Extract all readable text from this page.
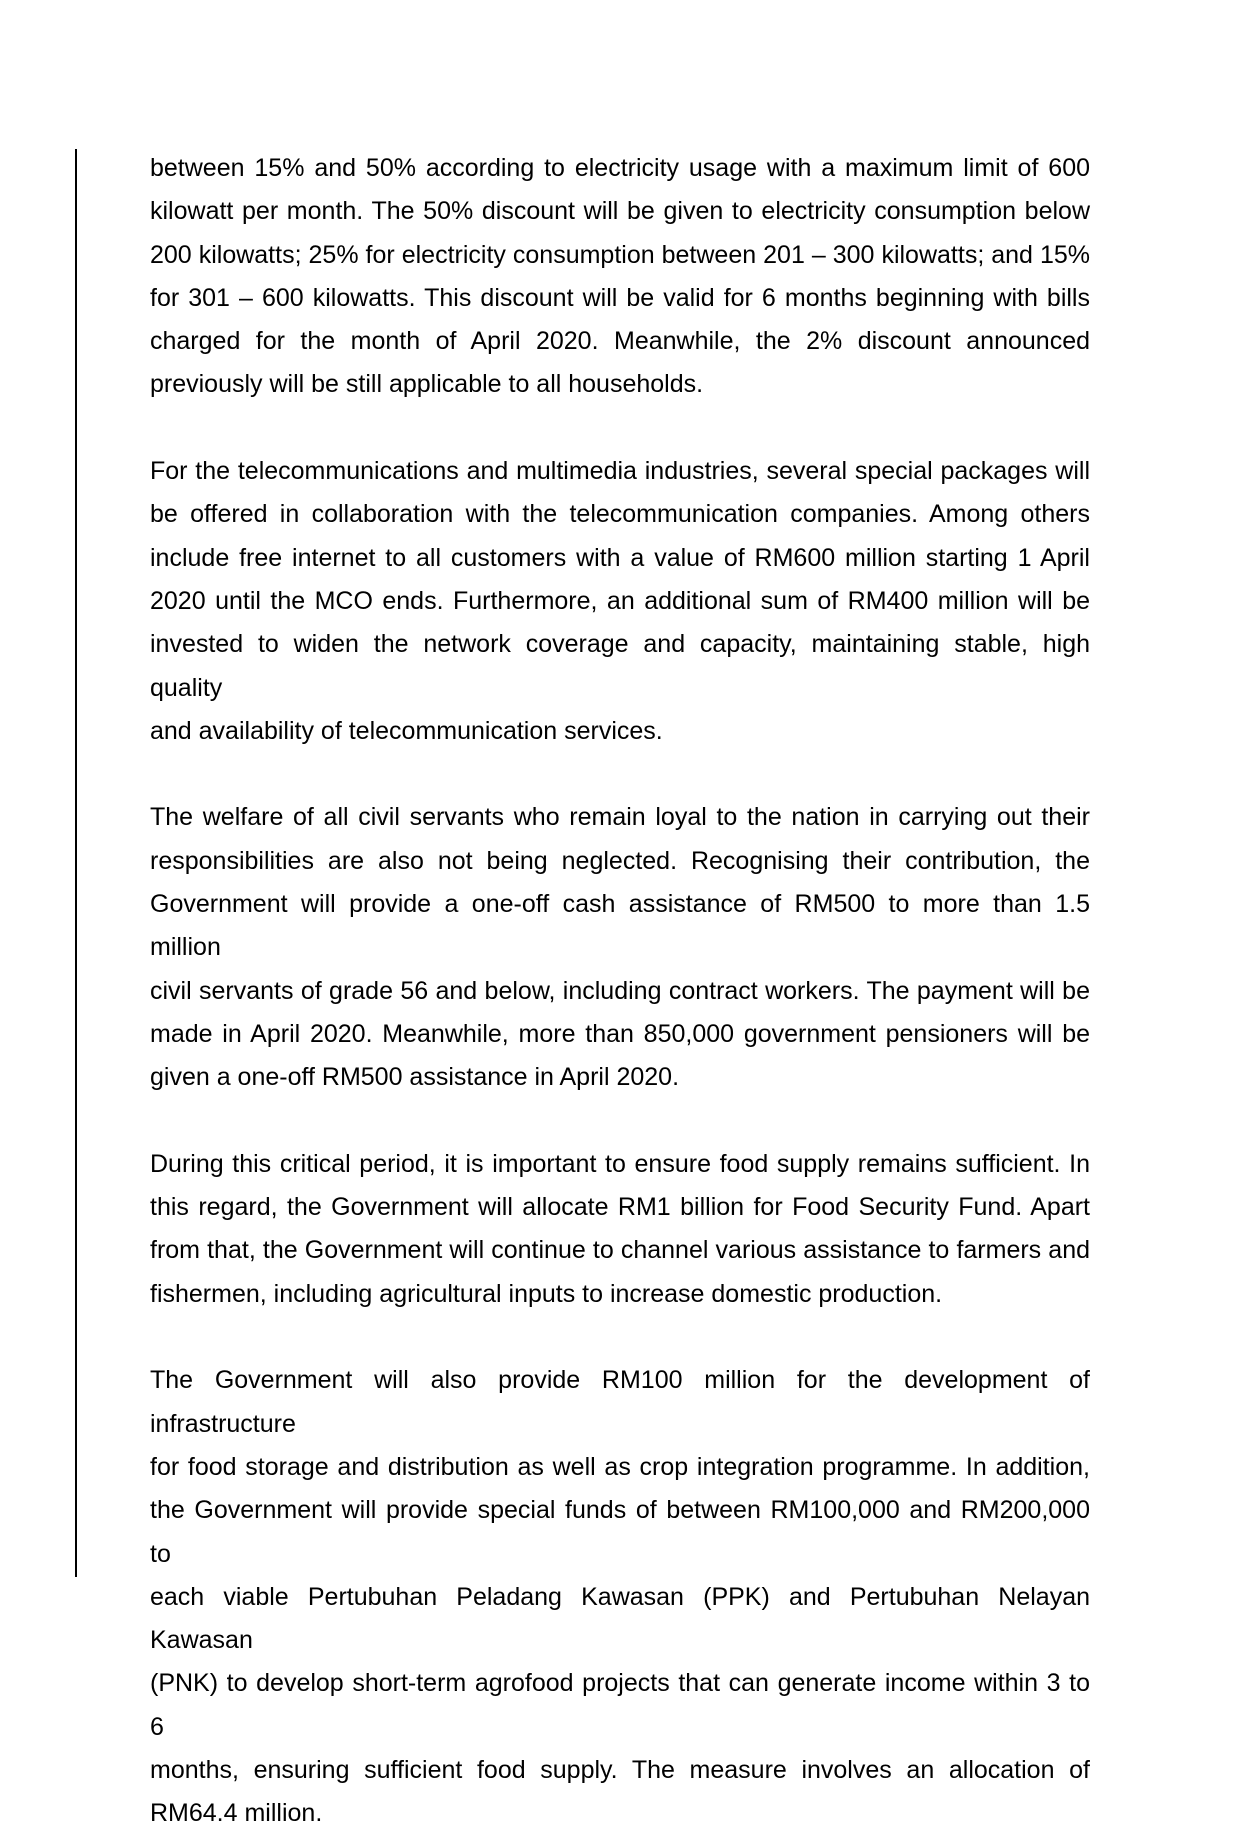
between 15% and 50% according to electricity usage with a maximum limit of 600
kilowatt per month. The 50% discount will be given to electricity consumption below
200 kilowatts; 25% for electricity consumption between 201 – 300 kilowatts; and 15%
for 301 – 600 kilowatts. This discount will be valid for 6 months beginning with bills
charged for the month of April 2020. Meanwhile, the 2% discount announced
previously will be still applicable to all households.

For the telecommunications and multimedia industries, several special packages will
be offered in collaboration with the telecommunication companies. Among others
include free internet to all customers with a value of RM600 million starting 1 April
2020 until the MCO ends. Furthermore, an additional sum of RM400 million will be
invested to widen the network coverage and capacity, maintaining stable, high quality
and availability of telecommunication services.

The welfare of all civil servants who remain loyal to the nation in carrying out their
responsibilities are also not being neglected. Recognising their contribution, the
Government will provide a one-off cash assistance of RM500 to more than 1.5 million
civil servants of grade 56 and below, including contract workers. The payment will be
made in April 2020. Meanwhile, more than 850,000 government pensioners will be
given a one-off RM500 assistance in April 2020.

During this critical period, it is important to ensure food supply remains sufficient. In
this regard, the Government will allocate RM1 billion for Food Security Fund. Apart
from that, the Government will continue to channel various assistance to farmers and
fishermen, including agricultural inputs to increase domestic production.

The Government will also provide RM100 million for the development of infrastructure
for food storage and distribution as well as crop integration programme. In addition,
the Government will provide special funds of between RM100,000 and RM200,000 to
each viable Pertubuhan Peladang Kawasan (PPK) and Pertubuhan Nelayan Kawasan
(PNK) to develop short-term agrofood projects that can generate income within 3 to 6
months, ensuring sufficient food supply. The measure involves an allocation of
RM64.4 million.
